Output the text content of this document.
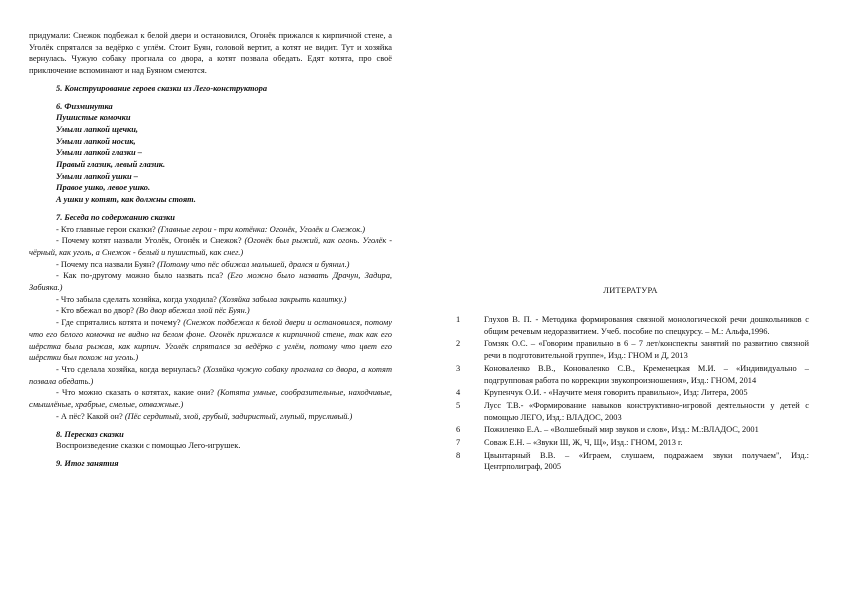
придумали: Снежок подбежал к белой двери и остановился, Огонёк прижался к кирпичной стене, а Уголёк спрятался за ведёрко с углём. Стоит Буян, головой вертит, а котят не видит. Тут и хозяйка вернулась. Чужую собаку прогнала со двора, а котят позвала обедать. Едят котята, про своё приключение вспоминают и над Буяном смеются.

5. Конструирование героев сказки из Лего-конструктора

6. Физминутка

Пушистые комочки

Умыли лапкой щечки,

Умыли лапкой носик,

Умыли лапкой глазки –

Правый глазик, левый глазик.

Умыли лапкой ушки –

Правое ушко, левое ушко.

А ушки у котят, как должны стоят.

7. Беседа по содержанию сказки

- Кто главные герои сказки? (Главные герои - три котёнка: Огонёк, Уголёк и Снежок.)

- Почему котят назвали Уголёк, Огонёк и Снежок? (Огонёк был рыжий, как огонь. Уголёк - чёрный, как уголь, а Снежок - белый и пушистый, как снег.)

- Почему пса назвали Буян? (Потому что пёс обижал малышей, дрался и буянил.)

- Как по-другому можно было назвать пса? (Его можно было назвать Драчун, Задира, Забияка.)

- Что забыла сделать хозяйка, когда уходила? (Хозяйка забыла закрыть калитку.)

- Кто вбежал во двор? (Во двор вбежал злой пёс Буян.)

- Где спрятались котята и почему? (Снежок подбежал к белой двери и остановился, потому что его белого комочка не видно на белом фоне. Огонёк прижался к кирпичной стене, так как его шёрстка была рыжая, как кирпич. Уголёк спрятался за ведёрко с углём, потому что цвет его шёрстки был похож на уголь.)

- Что сделала хозяйка, когда вернулась? (Хозяйка чужую собаку прогнала со двора, а котят позвала обедать.)

- Что можно сказать о котятах, какие они? (Котята умные, сообразительные, находчивые, смышлёные, храбрые, смелые, отважные.)

- А пёс? Какой он? (Пёс сердитый, злой, грубый, задиристый, глупый, трусливый.)

8. Пересказ сказки

Воспроизведение сказки с помощью Лего-игрушек.

9. Итог занятия

ЛИТЕРАТУРА
1	Глухов В. П. - Методика формирования связной монологической речи дошкольников с общим речевым недоразвитием. Учеб. пособие по спецкурсу. – М.: Альфа,1996.
2	Гомзяк О.С. – «Говорим правильно в 6 – 7 лет/конспекты занятий по развитию связной речи в подготовительной группе», Изд.: ГНОМ и Д, 2013
3	Коноваленко В.В., Коноваленко С.В., Кременецкая М.И. – «Индивидуально – подгрупповая работа по коррекции звукопроизношения», Изд.: ГНОМ, 2014
4	Крупенчук О.И. - «Научите меня говорить правильно», Изд: Литера, 2005
5	Лусс Т.В.- «Формирование навыков конструктивно-игровой деятельности у детей с помощью ЛЕГО, Изд.: ВЛАДОС, 2003
6	Пожиленко Е.А. – «Волшебный мир звуков и слов», Изд.: М.:ВЛАДОС, 2001
7	Соваж Е.Н. – «Звуки Ш, Ж, Ч, Щ», Изд.: ГНОМ, 2013 г.
8	Цвынтарный В.В. – «Играем, слушаем, подражаем звуки получаем", Изд.: Центрполиграф, 2005
